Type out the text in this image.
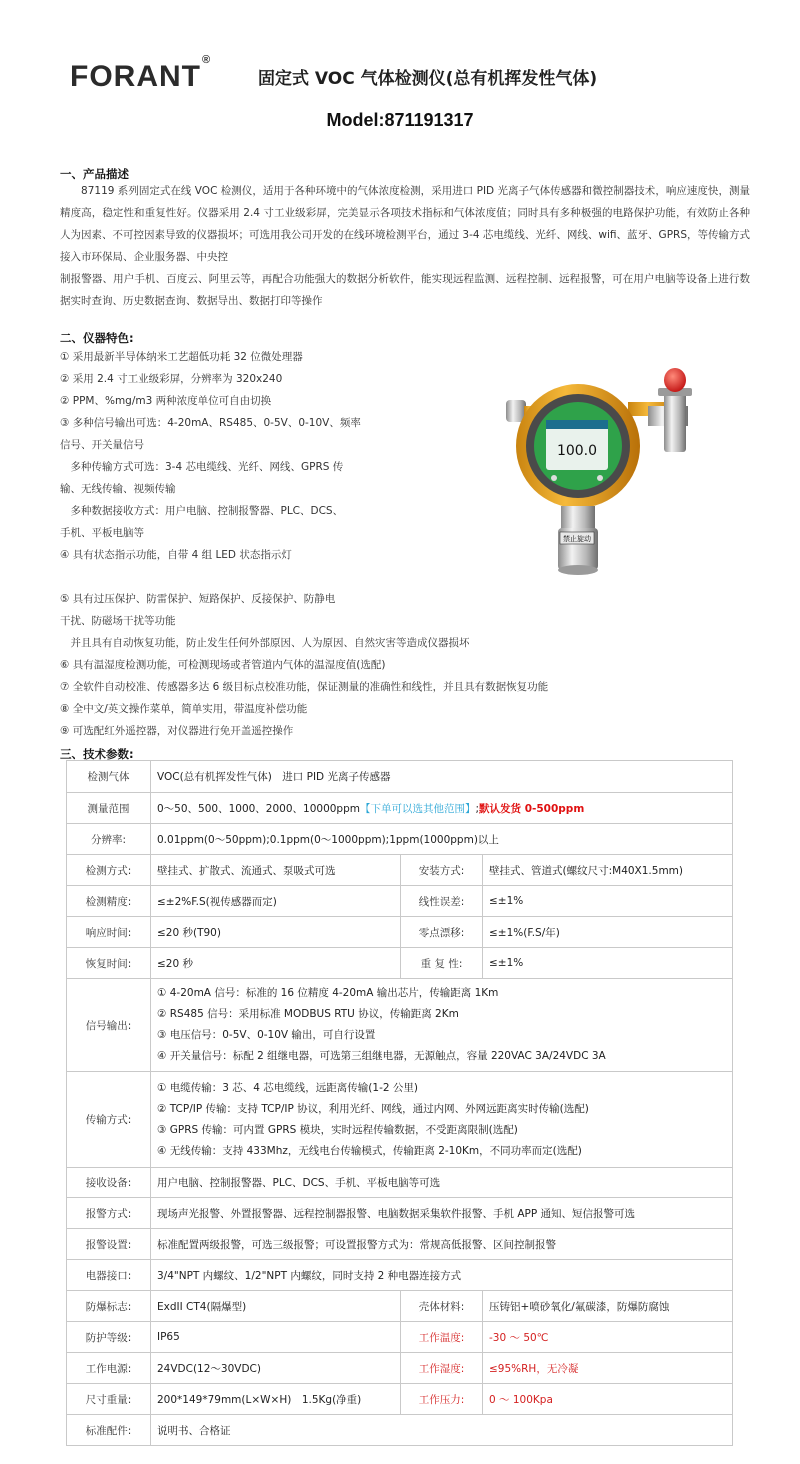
FORANT®
固定式 VOC 气体检测仪(总有机挥发性气体)
Model:871191317
一、产品描述

　　87119 系列固定式在线 VOC 检测仪，适用于各种环境中的气体浓度检测，采用进口 PID 光离子气体传感器和微控制器技术，响应速度快，测量精度高，稳定性和重复性好。仪器采用 2.4 寸工业级彩屏，完美显示各项技术指标和气体浓度值；同时具有多种极强的电路保护功能，有效防止各种人为因素、不可控因素导致的仪器损坏；可选用我公司开发的在线环境检测平台，通过 3-4 芯电缆线、光纤、网线、wifi、蓝牙、GPRS，等传输方式接入市环保局、企业服务器、中央控

制报警器、用户手机、百度云、阿里云等，再配合功能强大的数据分析软件，能实现远程监测、远程控制、远程报警，可在用户电脑等设备上进行数据实时查询、历史数据查询、数据导出、数据打印等操作

二、仪器特色:
① 采用最新半导体纳米工艺超低功耗 32 位微处理器
② 采用 2.4 寸工业级彩屏，分辨率为 320x240
② PPM、%mg/m3 两种浓度单位可自由切换
③ 多种信号输出可选：4-20mA、RS485、0-5V、0-10V、频率
信号、开关量信号
　多种传输方式可选：3-4 芯电缆线、光纤、网线、GPRS 传
输、无线传输、视频传输
　多种数据接收方式：用户电脑、控制报警器、PLC、DCS、
手机、平板电脑等
④ 具有状态指示功能，自带 4 组 LED 状态指示灯

⑤ 具有过压保护、防雷保护、短路保护、反接保护、防静电
干扰、防磁场干扰等功能
　并且具有自动恢复功能，防止发生任何外部原因、人为原因、自然灾害等造成仪器损坏
⑥ 具有温湿度检测功能，可检测现场或者管道内气体的温湿度值(选配)
⑦ 全软件自动校准、传感器多达 6 级目标点校准功能，保证测量的准确性和线性，并且具有数据恢复功能
⑧ 全中文/英文操作菜单，简单实用，带温度补偿功能
⑨ 可选配红外遥控器，对仪器进行免开盖遥控操作
100.0
禁止旋动
三、技术参数:
检测气体	VOC(总有机挥发性气体)　进口 PID 光离子传感器		
测量范围	0～50、500、1000、2000、10000ppm【下单可以选其他范围】;默认发货 0-500ppm		
分辨率:	0.01ppm(0～50ppm);0.1ppm(0～1000ppm);1ppm(1000ppm)以上		
检测方式:	壁挂式、扩散式、流通式、泵吸式可选	安装方式:	壁挂式、管道式(螺纹尺寸:M40X1.5mm)
检测精度:	≤±2%F.S(视传感器而定)	线性误差:	≤±1%
响应时间:	≤20 秒(T90)	零点漂移:	≤±1%(F.S/年)
恢复时间:	≤20 秒	重 复 性:	≤±1%
信号输出:	① 4-20mA 信号：标准的 16 位精度 4-20mA 输出芯片，传输距离 1Km
② RS485 信号：采用标准 MODBUS RTU 协议，传输距离 2Km
③ 电压信号：0-5V、0-10V 输出，可自行设置
④ 开关量信号：标配 2 组继电器，可选第三组继电器，无源触点，容量 220VAC 3A/24VDC 3A		

传输方式:	① 电缆传输：3 芯、4 芯电缆线，远距离传输(1-2 公里)
② TCP/IP 传输：支持 TCP/IP 协议，利用光纤、网线，通过内网、外网远距离实时传输(选配)
③ GPRS 传输：可内置 GPRS 模块，实时远程传输数据，不受距离限制(选配)
④ 无线传输：支持 433Mhz，无线电台传输模式，传输距离 2-10Km，不同功率而定(选配)		

接收设备:	用户电脑、控制报警器、PLC、DCS、手机、平板电脑等可选		
报警方式:	现场声光报警、外置报警器、远程控制器报警、电脑数据采集软件报警、手机 APP 通知、短信报警可选		
报警设置:	标准配置两级报警，可选三级报警；可设置报警方式为：常规高低报警、区间控制报警		
电器接口:	3/4"NPT 内螺纹、1/2"NPT 内螺纹，同时支持 2 种电器连接方式		
防爆标志:	ExdII CT4(隔爆型)	壳体材料:	压铸铝+喷砂氧化/氟碳漆，防爆防腐蚀
防护等级:	IP65	工作温度:	-30 ～ 50℃
工作电源:	24VDC(12～30VDC)	工作湿度:	≤95%RH，无冷凝
尺寸重量:	200*149*79mm(L×W×H)　1.5Kg(净重)	工作压力:	0 ～ 100Kpa
标准配件:	说明书、合格证		
